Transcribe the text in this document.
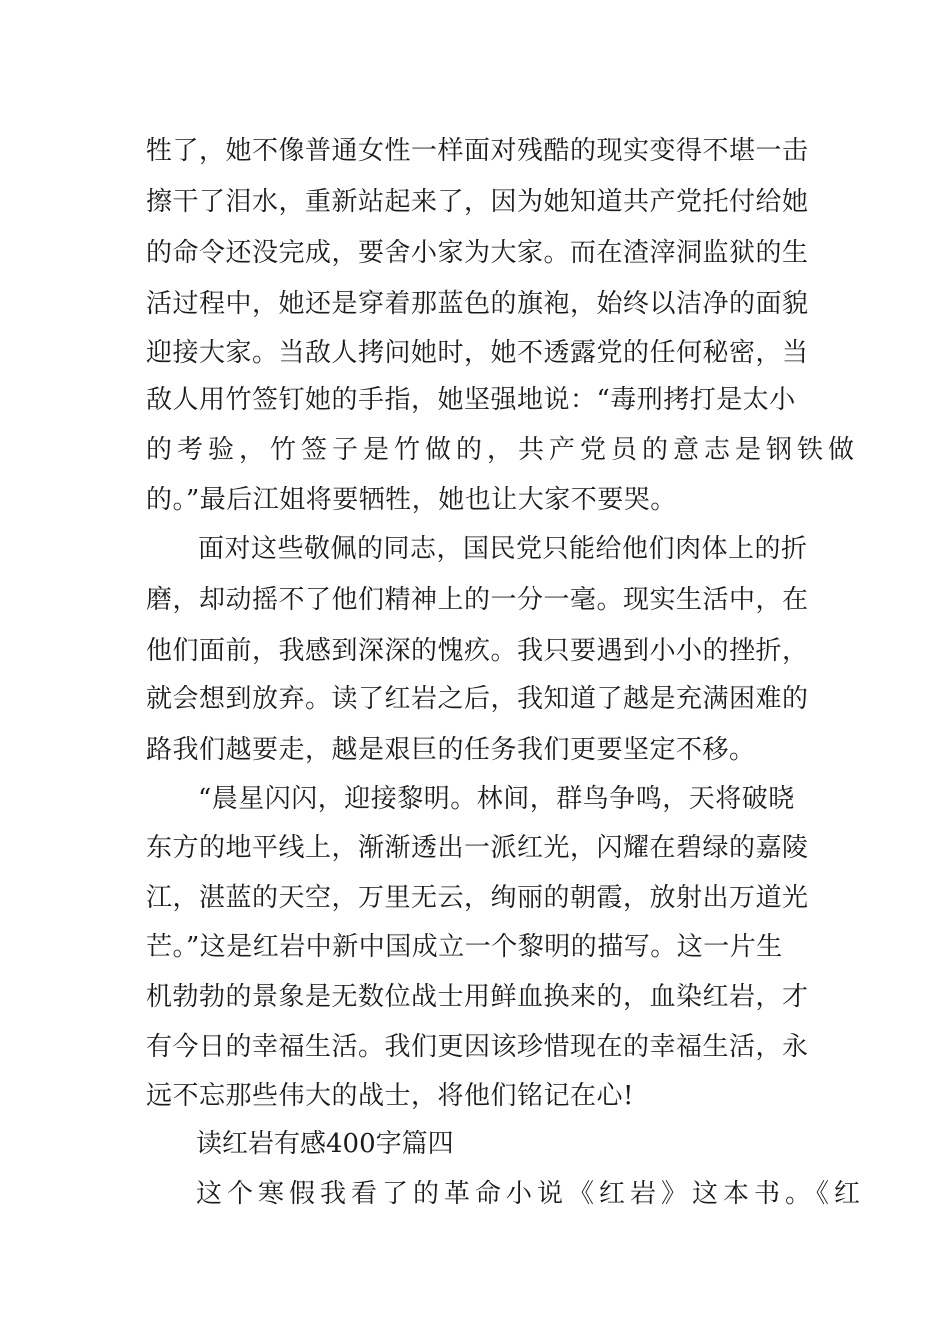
牲了，她不像普通女性一样面对残酷的现实变得不堪一击
擦干了泪水，重新站起来了，因为她知道共产党托付给她
的命令还没完成，要舍小家为大家。而在渣滓洞监狱的生
活过程中，她还是穿着那蓝色的旗袍，始终以洁净的面貌
迎接大家。当敌人拷问她时，她不透露党的任何秘密，当
敌人用竹签钉她的手指，她坚强地说：“毒刑拷打是太小
的考验，竹签子是竹做的，共产党员的意志是钢铁做
的。”最后江姐将要牺牲，她也让大家不要哭。
面对这些敬佩的同志，国民党只能给他们肉体上的折
磨，却动摇不了他们精神上的一分一毫。现实生活中，在
他们面前，我感到深深的愧疚。我只要遇到小小的挫折，
就会想到放弃。读了红岩之后，我知道了越是充满困难的
路我们越要走，越是艰巨的任务我们更要坚定不移。
“晨星闪闪，迎接黎明。林间，群鸟争鸣，天将破晓
东方的地平线上，渐渐透出一派红光，闪耀在碧绿的嘉陵
江，湛蓝的天空，万里无云，绚丽的朝霞，放射出万道光
芒。”这是红岩中新中国成立一个黎明的描写。这一片生
机勃勃的景象是无数位战士用鲜血换来的，血染红岩，才
有今日的幸福生活。我们更因该珍惜现在的幸福生活，永
远不忘那些伟大的战士，将他们铭记在心!
读红岩有感400字篇四
这个寒假我看了的革命小说《红岩》这本书。《红
